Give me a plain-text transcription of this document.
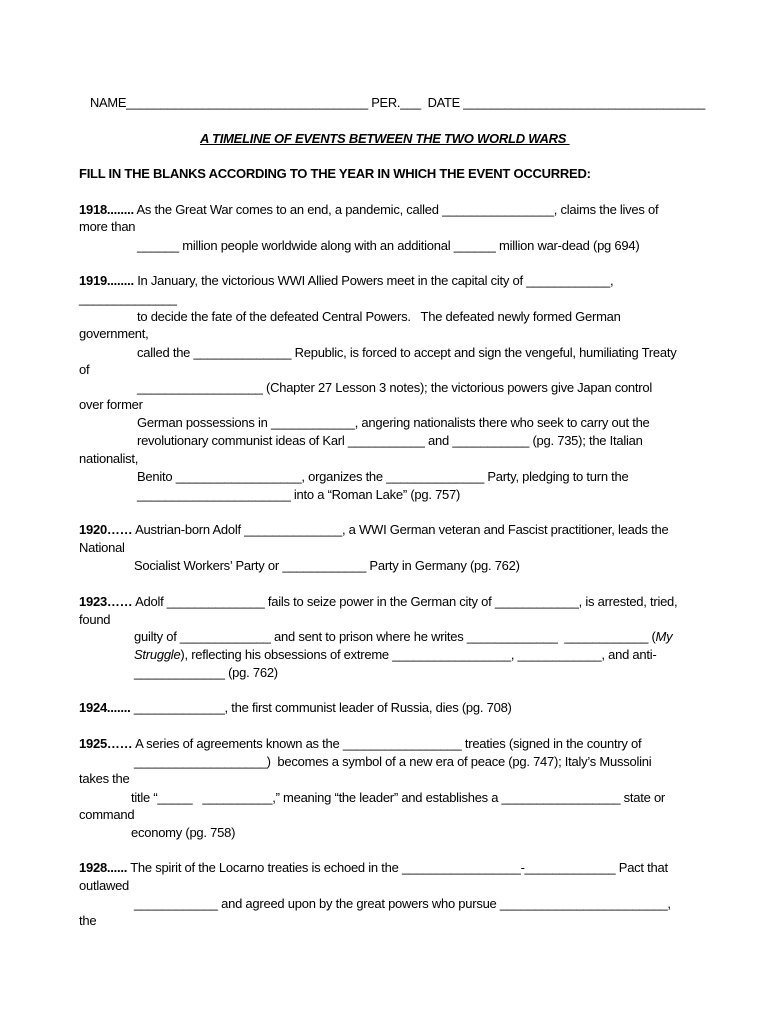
NAME___________________________________ PER.___  DATE ___________________________________
A TIMELINE OF EVENTS BETWEEN THE TWO WORLD WARS
FILL IN THE BLANKS ACCORDING TO THE YEAR IN WHICH THE EVENT OCCURRED:
1918........ As the Great War comes to an end, a pandemic, called ________________, claims the lives of
more than
______ million people worldwide along with an additional ______ million war-dead (pg 694)
1919........ In January, the victorious WWI Allied Powers meet in the capital city of ____________,
______________
to decide the fate of the defeated Central Powers.   The defeated newly formed German
government,
called the ______________ Republic, is forced to accept and sign the vengeful, humiliating Treaty
of
__________________ (Chapter 27 Lesson 3 notes); the victorious powers give Japan control
over former
German possessions in ____________, angering nationalists there who seek to carry out the
revolutionary communist ideas of Karl ___________ and ___________ (pg. 735); the Italian
nationalist,
Benito __________________, organizes the ______________ Party, pledging to turn the
______________________ into a “Roman Lake” (pg. 757)
1920…… Austrian-born Adolf ______________, a WWI German veteran and Fascist practitioner, leads the
National
Socialist Workers’ Party or ____________ Party in Germany (pg. 762)
1923…… Adolf ______________ fails to seize power in the German city of ____________, is arrested, tried,
found
guilty of _____________ and sent to prison where he writes _____________  ____________ (My
Struggle), reflecting his obsessions of extreme _________________, ____________, and anti-
_____________ (pg. 762)
1924....... _____________, the first communist leader of Russia, dies (pg. 708)
1925…… A series of agreements known as the _________________ treaties (signed in the country of
___________________)  becomes a symbol of a new era of peace (pg. 747); Italy’s Mussolini
takes the
title “_____   __________,” meaning “the leader” and establishes a _________________ state or
command
economy (pg. 758)
1928...... The spirit of the Locarno treaties is echoed in the _________________-_____________ Pact that
outlawed
____________ and agreed upon by the great powers who pursue ________________________,
the
